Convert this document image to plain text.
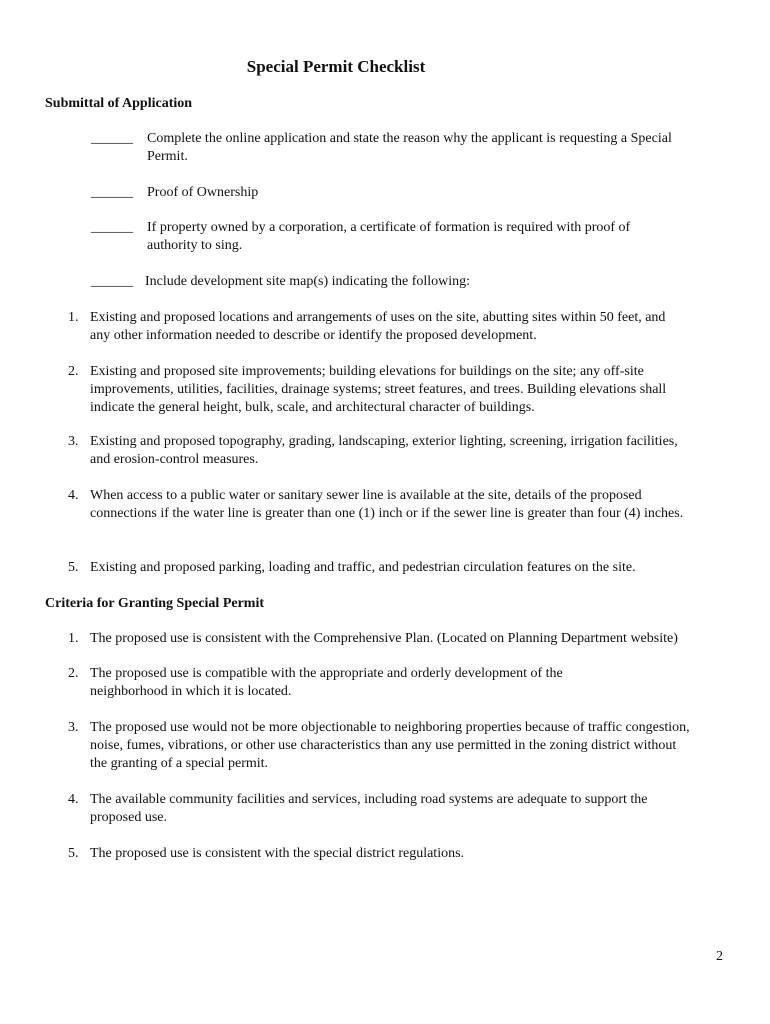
Special Permit Checklist
Submittal of Application
______ Complete the online application and state the reason why the applicant is requesting a Special Permit.
______ Proof of Ownership
______ If property owned by a corporation, a certificate of formation is required with proof of authority to sing.
______ Include development site map(s) indicating the following:
1. Existing and proposed locations and arrangements of uses on the site, abutting sites within 50 feet, and any other information needed to describe or identify the proposed development.
2. Existing and proposed site improvements; building elevations for buildings on the site; any off-site improvements, utilities, facilities, drainage systems; street features, and trees. Building elevations shall indicate the general height, bulk, scale, and architectural character of buildings.
3. Existing and proposed topography, grading, landscaping, exterior lighting, screening, irrigation facilities, and erosion-control measures.
4. When access to a public water or sanitary sewer line is available at the site, details of the proposed connections if the water line is greater than one (1) inch or if the sewer line is greater than four (4) inches.
5. Existing and proposed parking, loading and traffic, and pedestrian circulation features on the site.
Criteria for Granting Special Permit
1. The proposed use is consistent with the Comprehensive Plan. (Located on Planning Department website)
2. The proposed use is compatible with the appropriate and orderly development of the neighborhood in which it is located.
3. The proposed use would not be more objectionable to neighboring properties because of traffic congestion, noise, fumes, vibrations, or other use characteristics than any use permitted in the zoning district without the granting of a special permit.
4. The available community facilities and services, including road systems are adequate to support the proposed use.
5. The proposed use is consistent with the special district regulations.
2
